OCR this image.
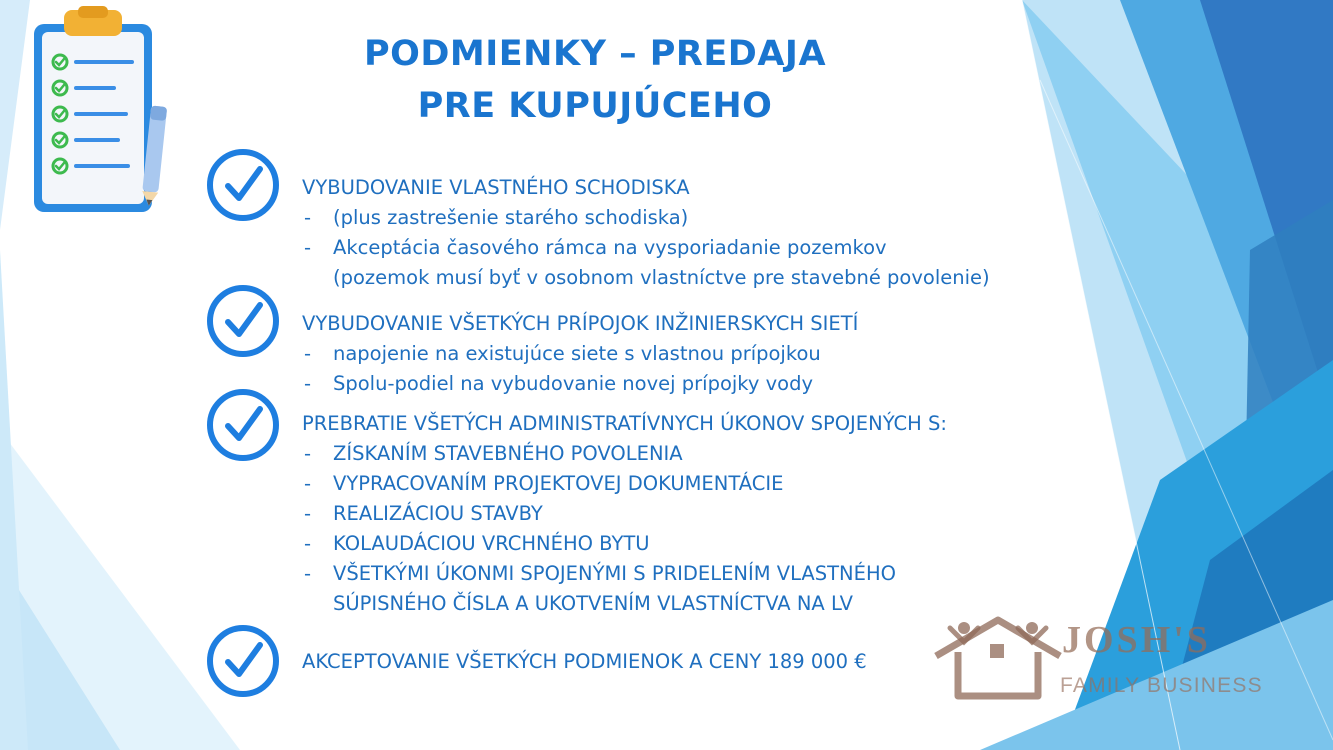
PODMIENKY – PREDAJA
PRE KUPUJÚCEHO
VYBUDOVANIE VLASTNÉHO SCHODISKA
- (plus zastrešenie starého schodiska)
- Akceptácia časového rámca na vysporiadanie pozemkov
(pozemok musí byť v osobnom vlastníctve pre stavebné povolenie)
VYBUDOVANIE VŠETKÝCH PRÍPOJOK INŽINIERSKYCH SIETÍ
- napojenie na existujúce siete s vlastnou prípojkou
- Spolu-podiel na vybudovanie novej prípojky vody
PREBRATIE VŠETÝCH ADMINISTRATÍVNYCH ÚKONOV SPOJENÝCH S:
- ZÍSKANÍM STAVEBNÉHO POVOLENIA
- VYPRACOVANÍM PROJEKTOVEJ DOKUMENTÁCIE
- REALIZÁCIOU STAVBY
- KOLAUDÁCIOU VRCHNÉHO BYTU
- VŠETKÝMI ÚKONMI SPOJENÝMI S PRIDELENÍM VLASTNÉHO
SÚPISNÉHO ČÍSLA A UKOTVENÍM VLASTNÍCTVA NA LV
AKCEPTOVANIE VŠETKÝCH PODMIENOK A CENY 189 000 €
JOSH'S
FAMILY BUSINESS
